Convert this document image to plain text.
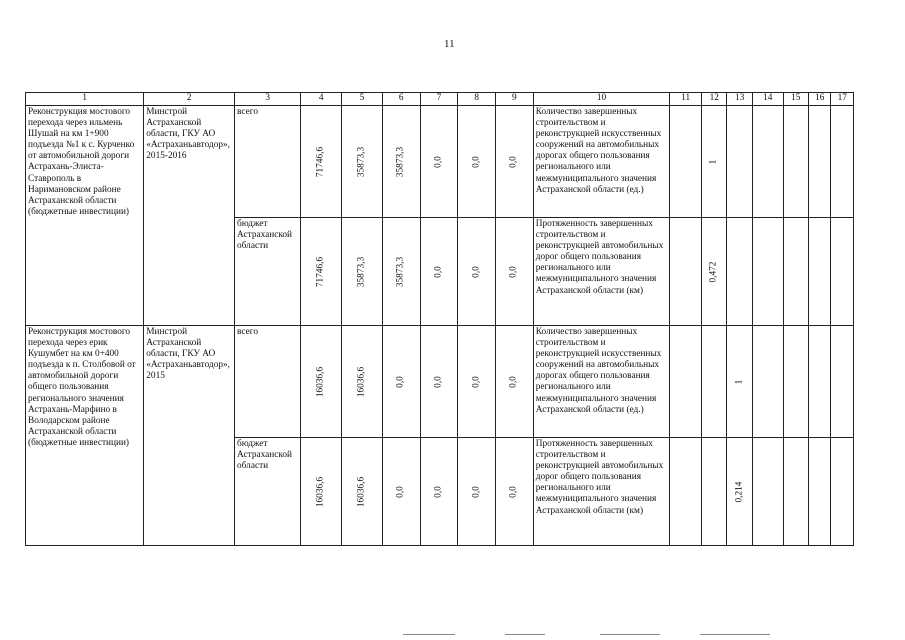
11
1	2	3	4	5	6	7	8	9	10	11	12	13	14	15	16	17
Реконструкция мостового перехода через ильмень Шушай на км 1+900 подъезда №1 к с. Курченко от автомобильной дороги Астрахань-Элиста-Ставрополь в Наримановском районе Астраханской области (бюджетные инвестиции)	Минстрой Астраханской области, ГКУ АО «Астраханьавтодор», 2015-2016	всего	71746,6	35873,3	35873,3	0,0	0,0	0,0	Количество завершенных строительством и реконструкцией искусственных сооружений на автомобильных дорогах общего пользования регионального или межмуниципального значения Астраханской области (ед.)		1					

		бюджет Астраханской области	71746,6	35873,3	35873,3	0,0	0,0	0,0	Протяженность завершенных строительством и реконструкцией автомобильных дорог общего пользования регионального или межмуниципального значения Астраханской области (км)		0,472					

Реконструкция мостового перехода через ерик Кушумбет на км 0+400 подъезда к п. Столбовой от автомобильной дороги общего пользования регионального значения Астрахань-Марфино в Володарском районе Астраханской области (бюджетные инвестиции)	Минстрой Астраханской области, ГКУ АО «Астраханьавтодор», 2015	всего	16036,6	16036,6	0,0	0,0	0,0	0,0	Количество завершенных строительством и реконструкцией искусственных сооружений на автомобильных дорогах общего пользования регионального или межмуниципального значения Астраханской области (ед.)			1				

		бюджет Астраханской области	16036,6	16036,6	0,0	0,0	0,0	0,0	Протяженность завершенных строительством и реконструкцией автомобильных дорог общего пользования регионального или межмуниципального значения Астраханской области (км)			0,214				
